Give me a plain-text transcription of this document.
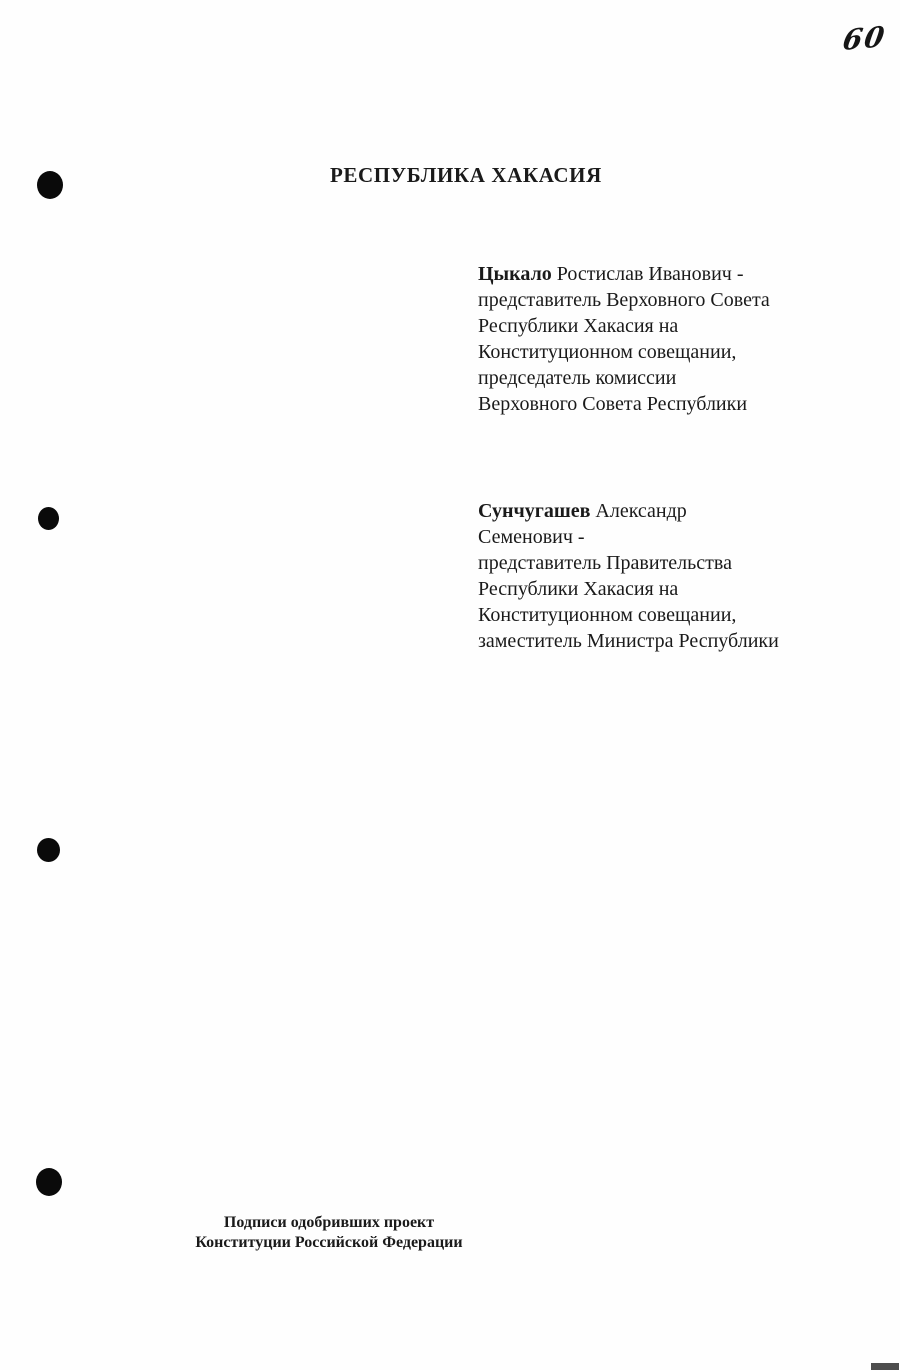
60
РЕСПУБЛИКА ХАКАСИЯ
Цыкало Ростислав Иванович -
представитель Верховного Совета
Республики Хакасия на
Конституционном совещании,
председатель комиссии
Верховного Совета Республики
Сунчугашев Александр
Семенович -
представитель Правительства
Республики Хакасия на
Конституционном совещании,
заместитель Министра Республики
Подписи одобривших проект
Конституции Российской Федерации
